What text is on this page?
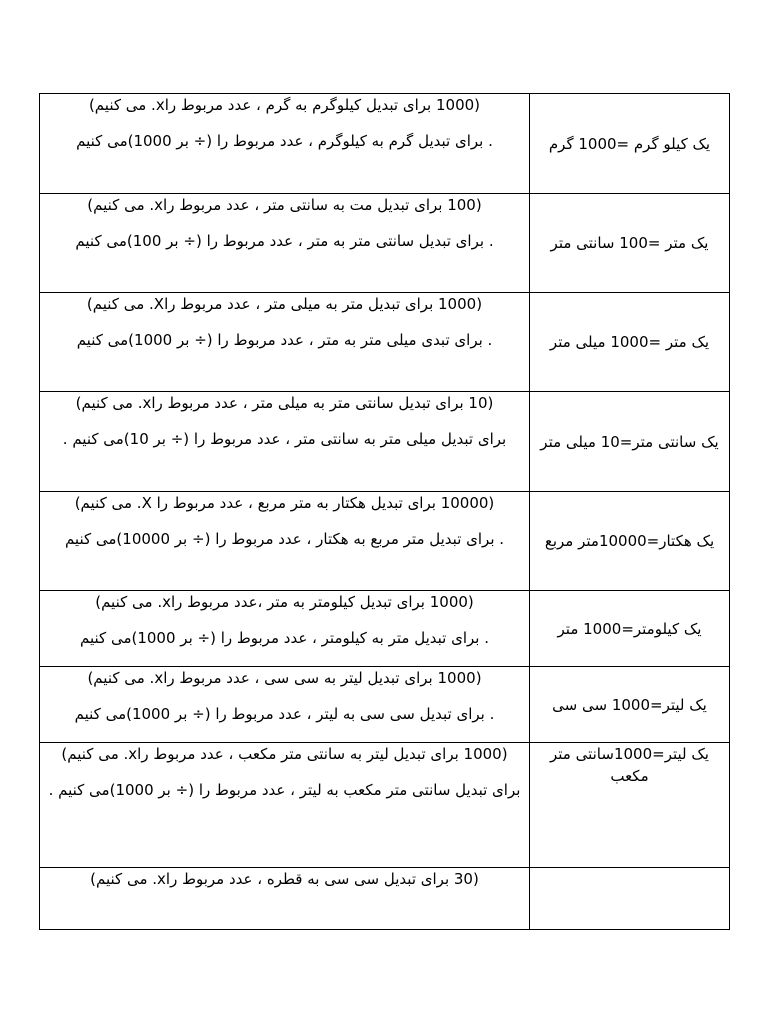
یک کیلو گرم =1000 گرم	(1000 برای تبدیل کیلوگرم به گرم ، عدد مربوط راx. می کنیم)
. برای تبدیل گرم به کیلوگرم ، عدد مربوط را (÷ بر 1000)می کنیم

یک متر =100 سانتی متر	(100 برای تبدیل مت به سانتی متر ، عدد مربوط راx. می کنیم)
. برای تبدیل سانتی متر به متر ، عدد مربوط را (÷ بر 100)می کنیم

یک متر =1000 میلی متر	(1000 برای تبدیل متر به میلی متر ، عدد مربوط راX. می کنیم)
. برای تبدی میلی متر به متر ، عدد مربوط را (÷ بر 1000)می کنیم

یک سانتی متر=10 میلی متر	(10 برای تبدیل سانتی متر به میلی متر ، عدد مربوط راx. می کنیم)
برای تبدیل میلی متر به سانتی متر ، عدد مربوط را (÷ بر 10)می کنیم .

یک هکتار=10000متر مربع	(10000 برای تبدیل هکتار به متر مربع ، عدد مربوط را X. می کنیم)
. برای تبدیل متر مربع به هکتار ، عدد مربوط را (÷ بر 10000)می کنیم

یک کیلومتر=1000 متر	(1000 برای تبدیل کیلومتر به متر ،عدد مربوط راx. می کنیم)
. برای تبدیل متر به کیلومتر ، عدد مربوط را (÷ بر 1000)می کنیم

یک لیتر=1000 سی سی	(1000 برای تبدیل لیتر به سی سی ، عدد مربوط راx. می کنیم)
. برای تبدیل سی سی به لیتر ، عدد مربوط را (÷ بر 1000)می کنیم

یک لیتر=1000سانتی متر مکعب	(1000 برای تبدیل لیتر به سانتی متر مکعب ، عدد مربوط راx. می کنیم)
برای تبدیل سانتی متر مکعب به لیتر ، عدد مربوط را (÷ بر 1000)می کنیم .

	(30 برای تبدیل سی سی به قطره ، عدد مربوط راx. می کنیم)
